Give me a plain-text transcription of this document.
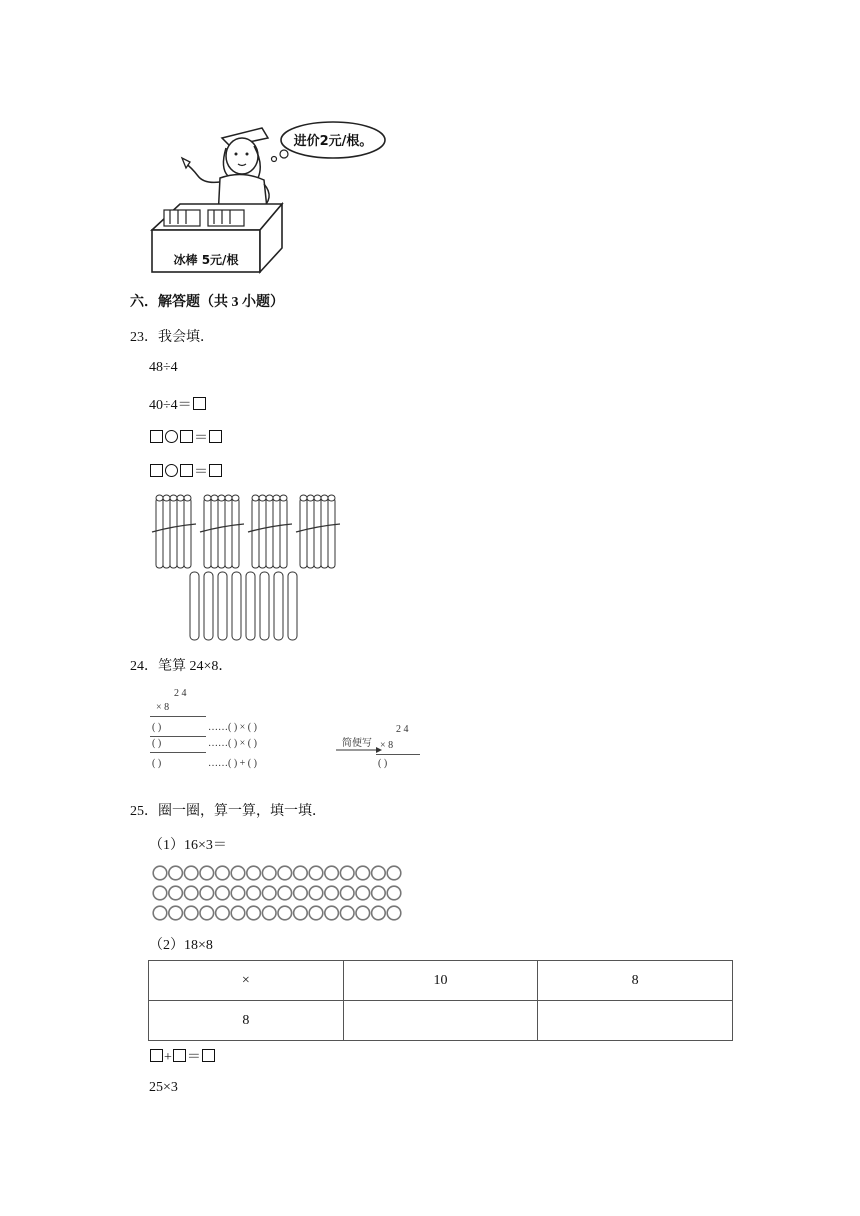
进价2元/根。
冰棒 5元/根
六．解答题（共 3 小题）
23．我会填．
48÷4
40÷4＝
＝
＝
24．笔算 24×8．
2 4
× 8
( )	……( ) × ( )
( )	……( ) × ( )
( )	……( ) + ( )
简便写
2 4
× 8
( )
25．圈一圈，算一算，填一填．
（1）16×3＝
（2）18×8
×	10	8
8		
+ ＝
25×3
